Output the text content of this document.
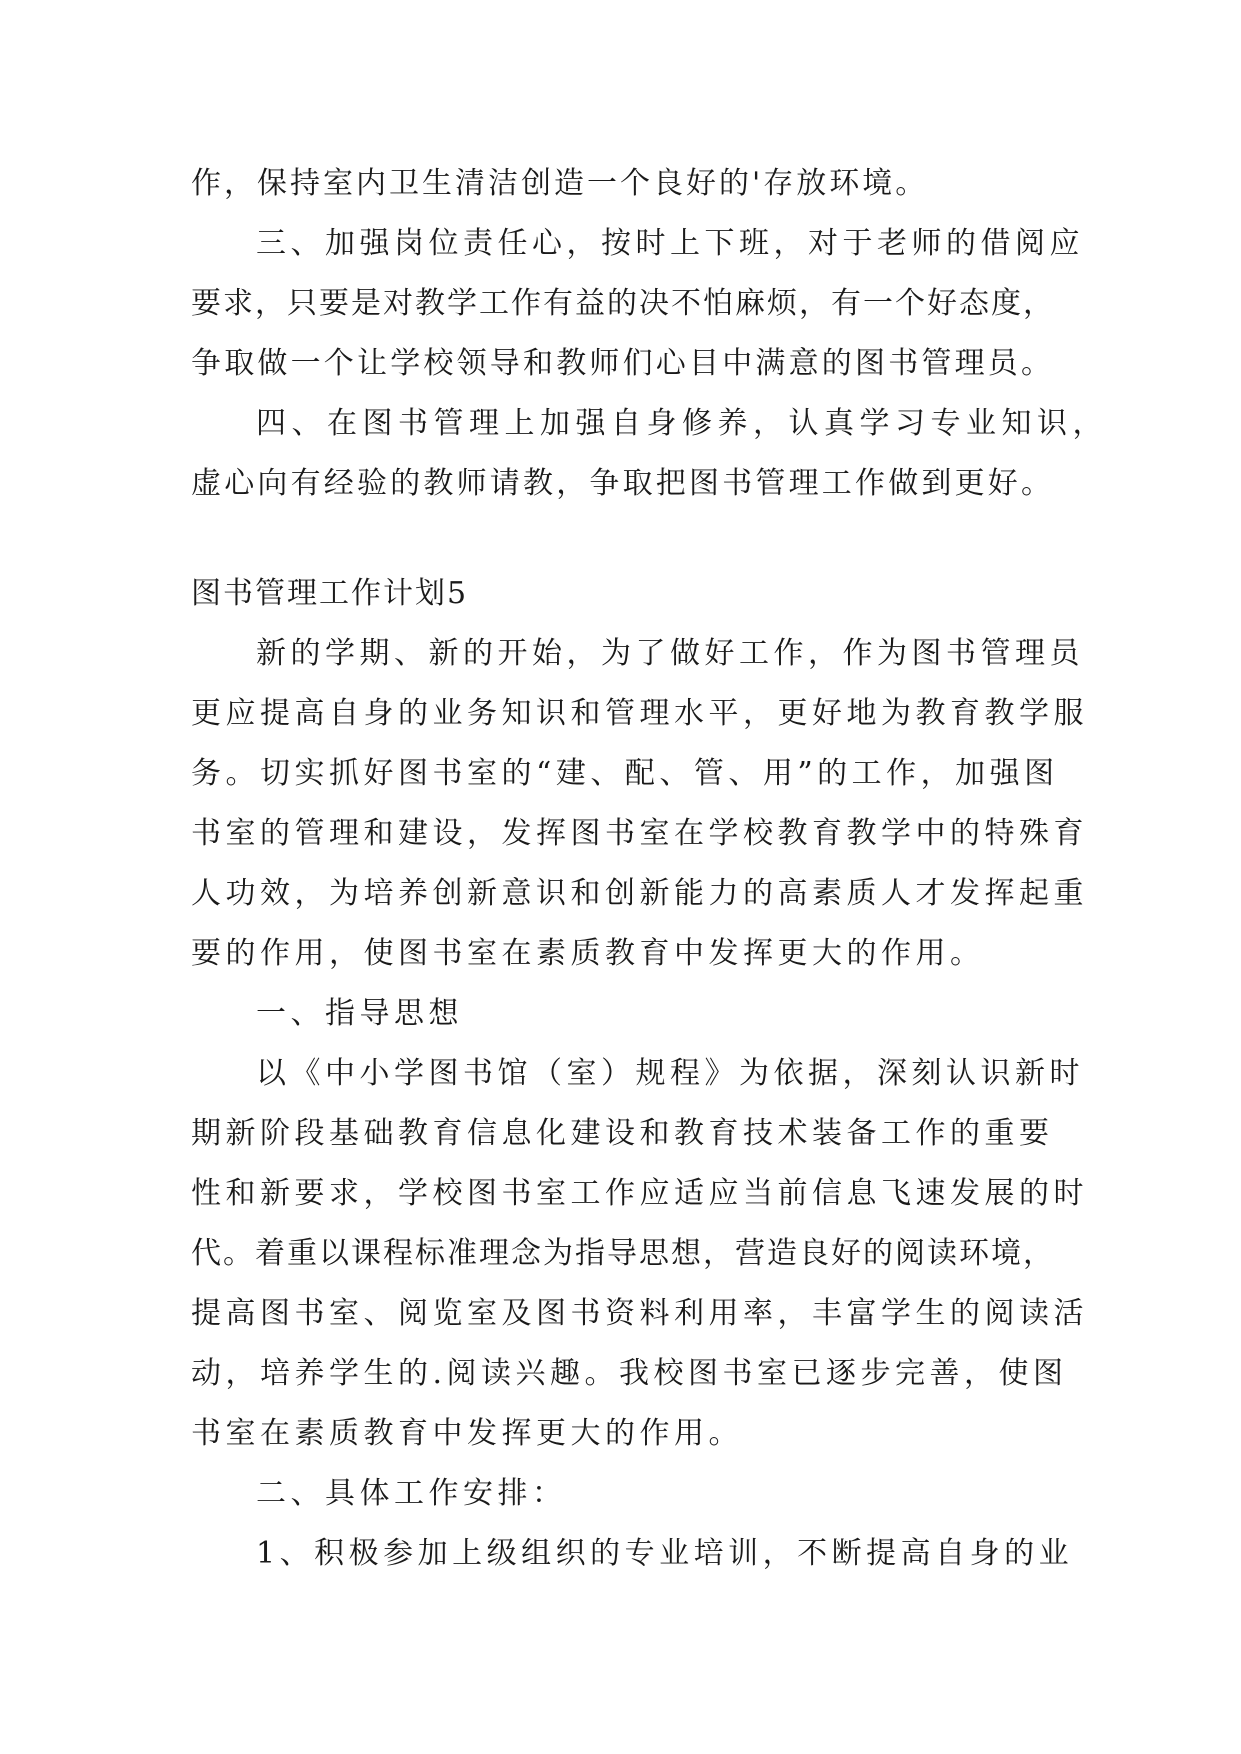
作，保持室内卫生清洁创造一个良好的'存放环境。

三、加强岗位责任心，按时上下班，对于老师的借阅应

要求，只要是对教学工作有益的决不怕麻烦，有一个好态度，

争取做一个让学校领导和教师们心目中满意的图书管理员。

四、在图书管理上加强自身修养，认真学习专业知识，

虚心向有经验的教师请教，争取把图书管理工作做到更好。

图书管理工作计划5

新的学期、新的开始，为了做好工作，作为图书管理员

更应提高自身的业务知识和管理水平，更好地为教育教学服

务。切实抓好图书室的“建、配、管、用”的工作，加强图

书室的管理和建设，发挥图书室在学校教育教学中的特殊育

人功效，为培养创新意识和创新能力的高素质人才发挥起重

要的作用，使图书室在素质教育中发挥更大的作用。

一、指导思想

以《中小学图书馆（室）规程》为依据，深刻认识新时

期新阶段基础教育信息化建设和教育技术装备工作的重要

性和新要求，学校图书室工作应适应当前信息飞速发展的时

代。着重以课程标准理念为指导思想，营造良好的阅读环境，

提高图书室、阅览室及图书资料利用率，丰富学生的阅读活

动，培养学生的.阅读兴趣。我校图书室已逐步完善，使图

书室在素质教育中发挥更大的作用。

二、具体工作安排：

1、积极参加上级组织的专业培训，不断提高自身的业
